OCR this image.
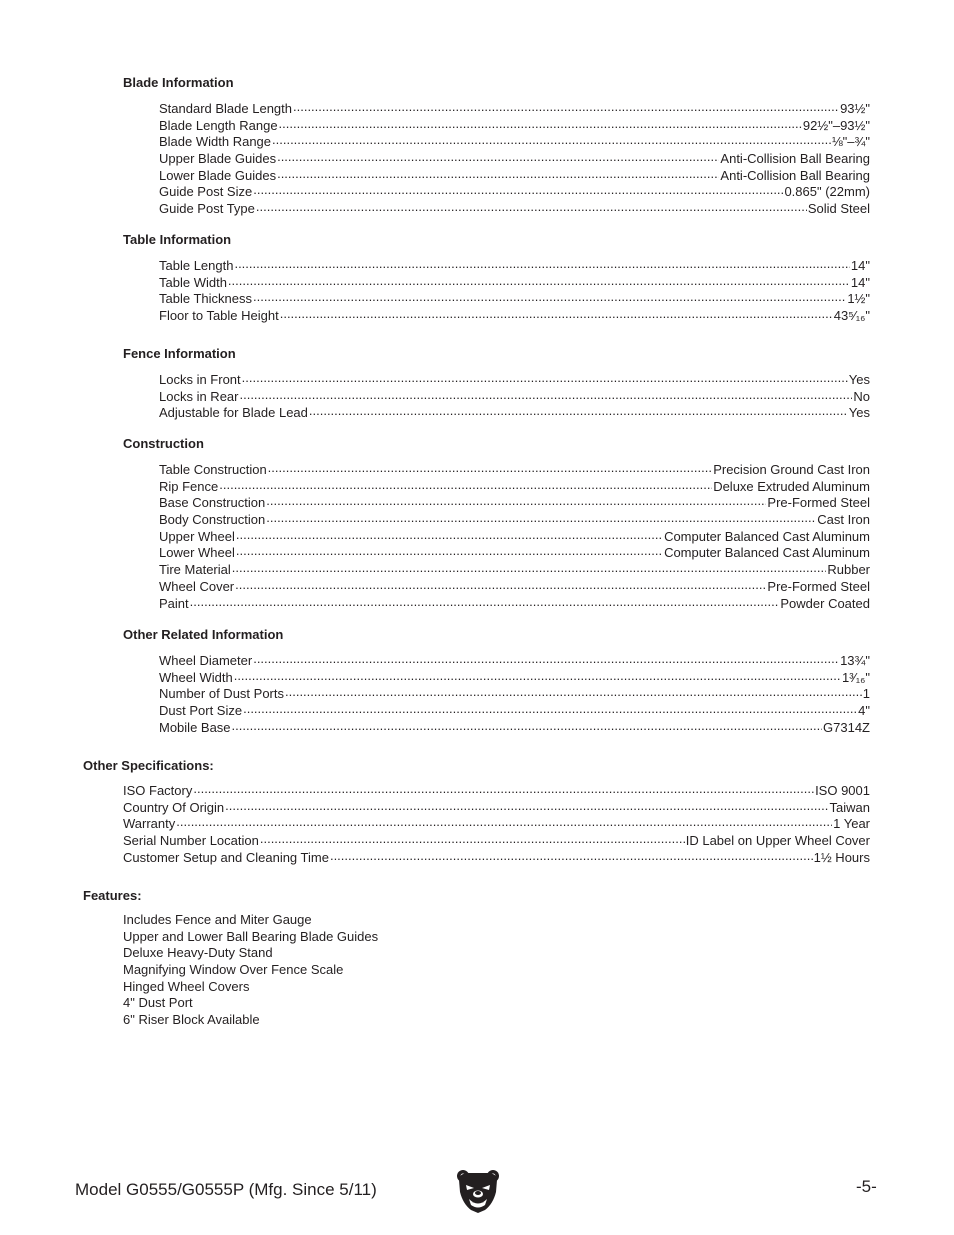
Blade Information
Standard Blade Length .....	93½"
Blade Length Range .....	92½"–93½"
Blade Width Range .....	⅛"–¾"
Upper Blade Guides .....	Anti-Collision Ball Bearing
Lower Blade Guides .....	Anti-Collision Ball Bearing
Guide Post Size .....	0.865" (22mm)
Guide Post Type .....	Solid Steel
Table Information
Table Length .....	14"
Table Width .....	14"
Table Thickness .....	1½"
Floor to Table Height .....	43⁵⁄₁₆"
Fence Information
Locks in Front .....	Yes
Locks in Rear .....	No
Adjustable for Blade Lead .....	Yes
Construction
Table Construction .....	Precision Ground Cast Iron
Rip Fence .....	Deluxe Extruded Aluminum
Base Construction .....	Pre-Formed Steel
Body Construction .....	Cast Iron
Upper Wheel .....	Computer Balanced Cast Aluminum
Lower Wheel .....	Computer Balanced Cast Aluminum
Tire Material .....	Rubber
Wheel Cover .....	Pre-Formed Steel
Paint .....	Powder Coated
Other Related Information
Wheel Diameter .....	13¾"
Wheel Width .....	1³⁄₁₆"
Number of Dust Ports .....	1
Dust Port Size .....	4"
Mobile Base .....	G7314Z
Other Specifications:
ISO Factory .....	ISO 9001
Country Of Origin .....	Taiwan
Warranty .....	1 Year
Serial Number Location .....	ID Label on Upper Wheel Cover
Customer Setup and Cleaning Time .....	1½ Hours
Features:
Includes Fence and Miter Gauge
Upper and Lower Ball Bearing Blade Guides
Deluxe Heavy-Duty Stand
Magnifying Window Over Fence Scale
Hinged Wheel Covers
4" Dust Port
6" Riser Block Available
Model G0555/G0555P (Mfg. Since 5/11)	-5-
